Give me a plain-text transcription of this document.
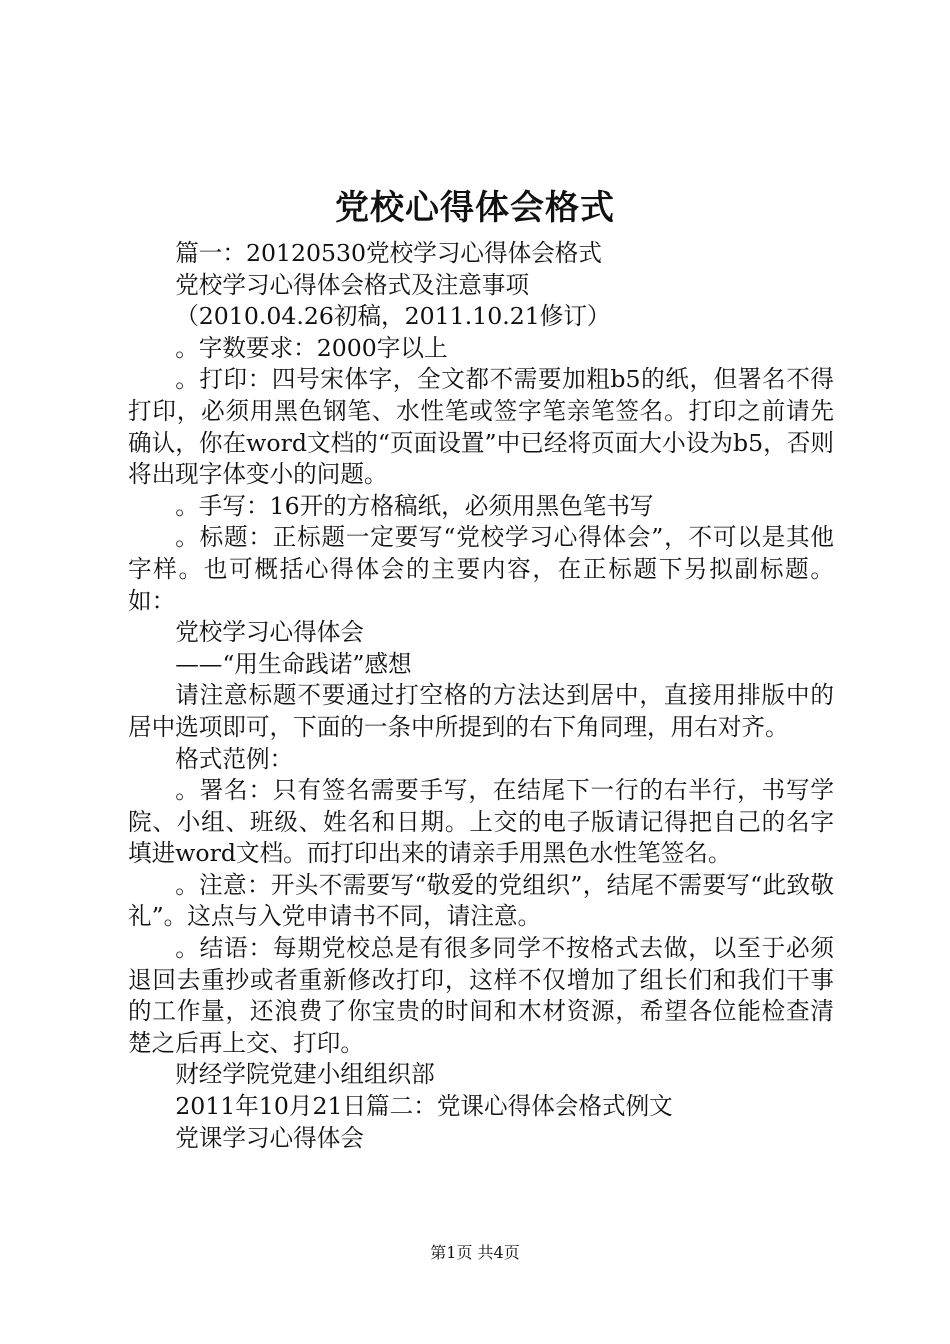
党校心得体会格式

篇一：20120530党校学习心得体会格式

党校学习心得体会格式及注意事项

（2010.04.26初稿，2011.10.21修订）

。字数要求：2000字以上

。打印：四号宋体字，全文都不需要加粗b5的纸，但署名不得打印，必须用黑色钢笔、水性笔或签字笔亲笔签名。打印之前请先确认，你在word文档的“页面设置”中已经将页面大小设为b5，否则将出现字体变小的问题。

。手写：16开的方格稿纸，必须用黑色笔书写

。标题：正标题一定要写“党校学习心得体会”，不可以是其他字样。也可概括心得体会的主要内容，在正标题下另拟副标题。如：

党校学习心得体会

——“用生命践诺”感想

请注意标题不要通过打空格的方法达到居中，直接用排版中的居中选项即可，下面的一条中所提到的右下角同理，用右对齐。

格式范例：

。署名：只有签名需要手写，在结尾下一行的右半行，书写学院、小组、班级、姓名和日期。上交的电子版请记得把自己的名字填进word文档。而打印出来的请亲手用黑色水性笔签名。

。注意：开头不需要写“敬爱的党组织”，结尾不需要写“此致敬礼”。这点与入党申请书不同，请注意。

。结语：每期党校总是有很多同学不按格式去做，以至于必须退回去重抄或者重新修改打印，这样不仅增加了组长们和我们干事的工作量，还浪费了你宝贵的时间和木材资源，希望各位能检查清楚之后再上交、打印。

财经学院党建小组组织部

2011年10月21日篇二：党课心得体会格式例文

党课学习心得体会

第1页 共4页
